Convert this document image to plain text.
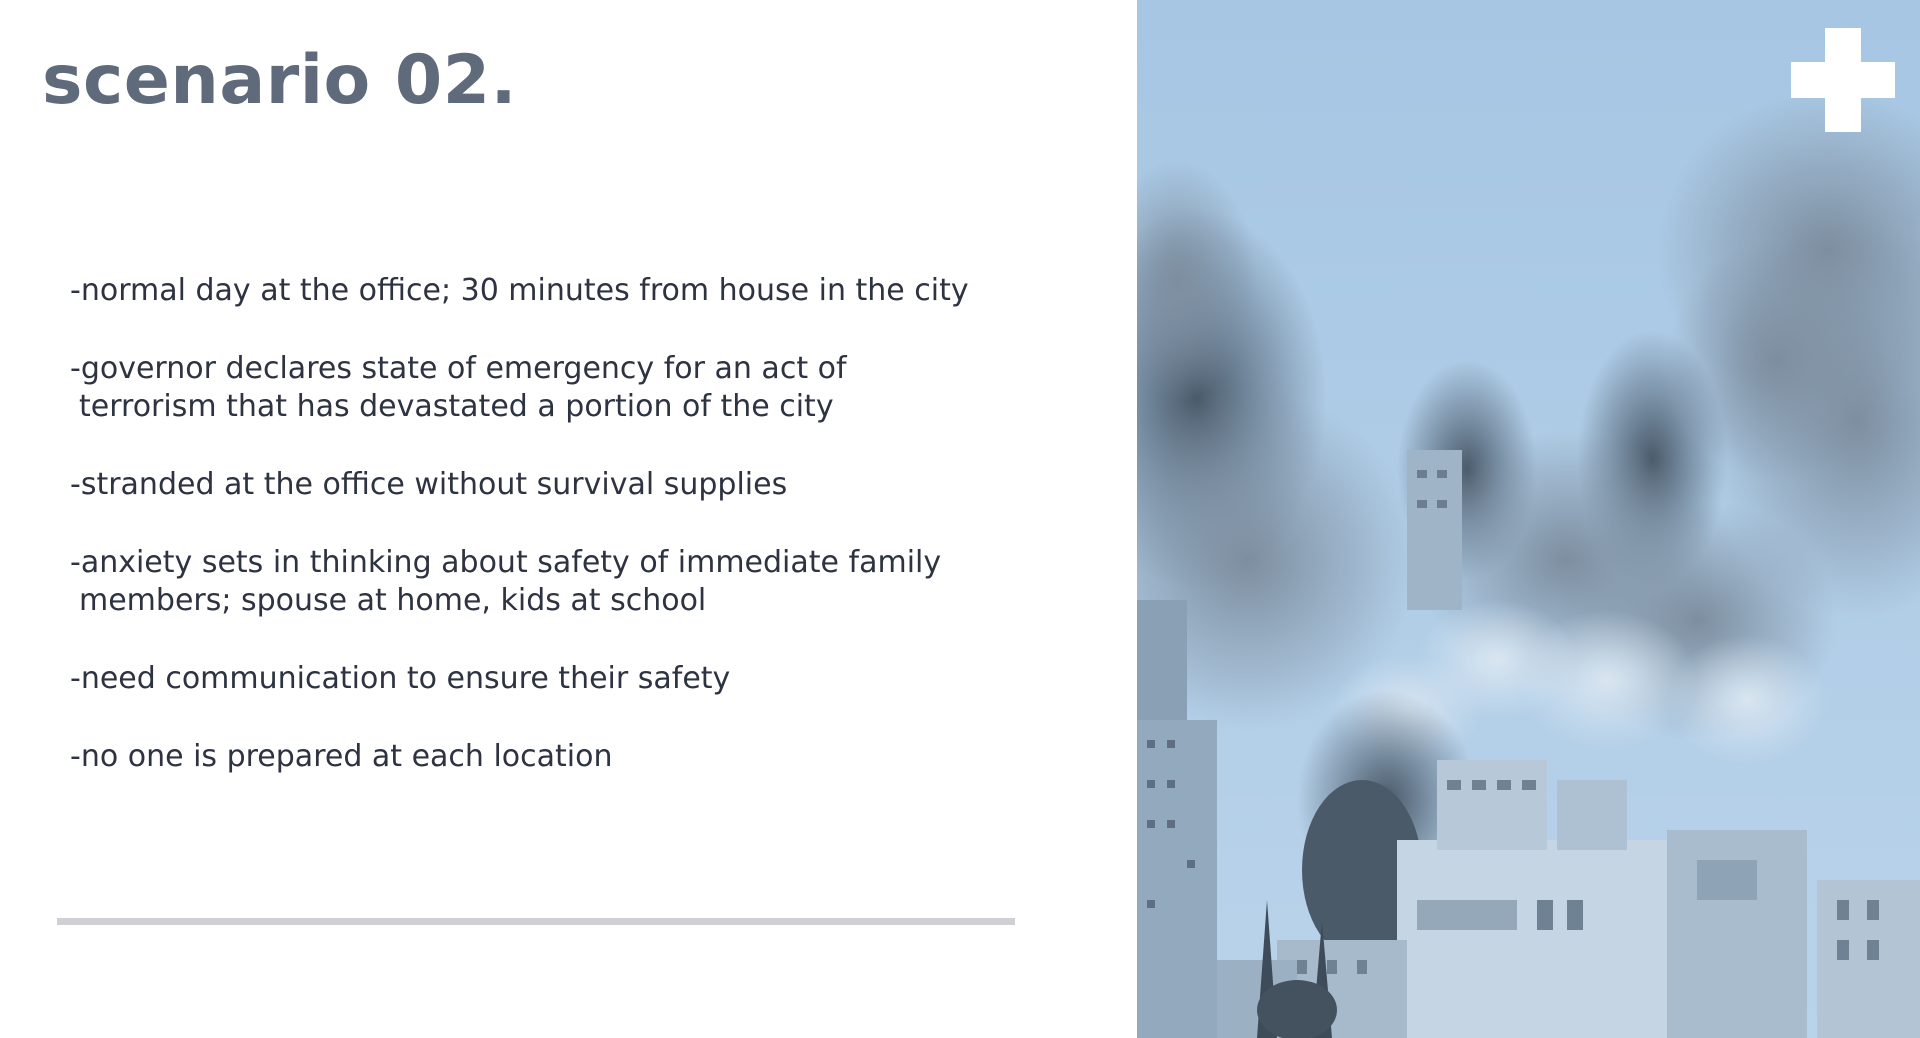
scenario 02.
-normal day at the office; 30 minutes from house in the city
-governor declares state of emergency for an act of
terrorism that has devastated a portion of the city
-stranded at the office without survival supplies
-anxiety sets in thinking about safety of immediate family
members; spouse at home, kids at school
-need communication to ensure their safety
-no one is prepared at each location
